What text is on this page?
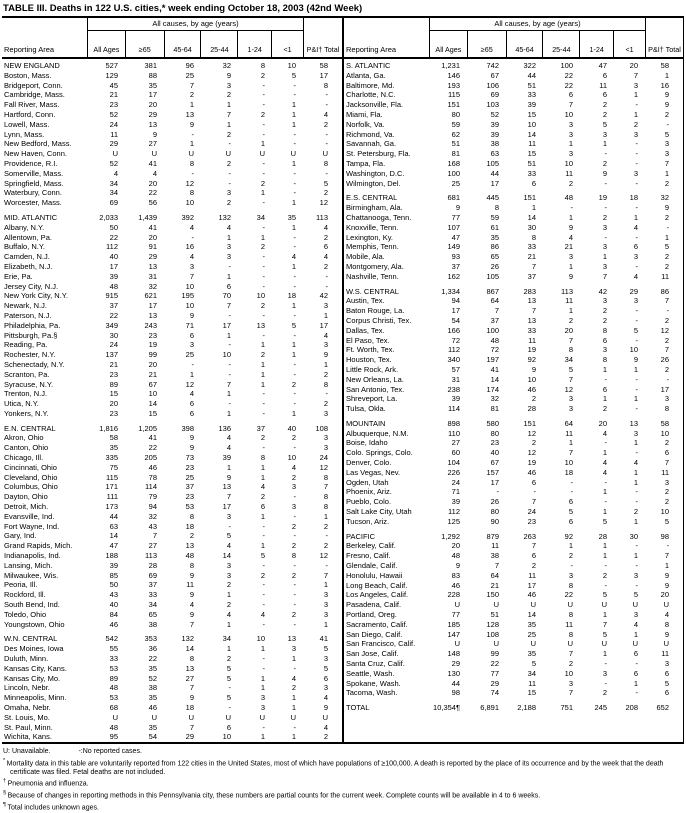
TABLE III. Deaths in 122 U.S. cities,* week ending October 18, 2003 (42nd Week)
Reporting Area
All causes, by age (years)
All Ages	≥65	45-64	25-44	1-24	<1	P&I† Total
NEW ENGLAND	527	381	96	32	8	10	58
Boston, Mass.	129	88	25	9	2	5	17
Bridgeport, Conn.	45	35	7	3	-	-	8
Cambridge, Mass.	21	17	2	2	-	-	-
Fall River, Mass.	23	20	1	1	-	1	-
Hartford, Conn.	52	29	13	7	2	1	4
Lowell, Mass.	24	13	9	1	-	1	2
Lynn, Mass.	11	9	-	2	-	-	-
New Bedford, Mass.	29	27	1	-	1	-	-
New Haven, Conn.	U	U	U	U	U	U	U
Providence, R.I.	52	41	8	2	-	1	8
Somerville, Mass.	4	4	-	-	-	-	-
Springfield, Mass.	34	20	12	-	2	-	5
Waterbury, Conn.	34	22	8	3	1	-	2
Worcester, Mass.	69	56	10	2	-	1	12
MID. ATLANTIC	2,033	1,439	392	132	34	35	113
Albany, N.Y.	50	41	4	4	-	1	4
Allentown, Pa.	22	20	-	1	1	-	2
Buffalo, N.Y.	112	91	16	3	2	-	6
Camden, N.J.	40	29	4	3	-	4	4
Elizabeth, N.J.	17	13	3	-	-	1	2
Erie, Pa.	39	31	7	1	-	-	-
Jersey City, N.J.	48	32	10	6	-	-	-
New York City, N.Y.	915	621	195	70	10	18	42
Newark, N.J.	37	17	10	7	2	1	3
Paterson, N.J.	22	13	9	-	-	-	1
Philadelphia, Pa.	349	243	71	17	13	5	17
Pittsburgh, Pa.§	30	23	6	1	-	-	4
Reading, Pa.	24	19	3	-	1	1	3
Rochester, N.Y.	137	99	25	10	2	1	9
Schenectady, N.Y.	21	20	-	-	1	-	1
Scranton, Pa.	23	21	1	-	1	-	2
Syracuse, N.Y.	89	67	12	7	1	2	8
Trenton, N.J.	15	10	4	1	-	-	-
Utica, N.Y.	20	14	6	-	-	-	2
Yonkers, N.Y.	23	15	6	1	-	1	3
E.N. CENTRAL	1,816	1,205	398	136	37	40	108
Akron, Ohio	58	41	9	4	2	2	3
Canton, Ohio	35	22	9	4	-	-	3
Chicago, Ill.	335	205	73	39	8	10	24
Cincinnati, Ohio	75	46	23	1	1	4	12
Cleveland, Ohio	115	78	25	9	1	2	8
Columbus, Ohio	171	114	37	13	4	3	7
Dayton, Ohio	111	79	23	7	2	-	8
Detroit, Mich.	173	94	53	17	6	3	8
Evansville, Ind.	44	32	8	3	1	-	1
Fort Wayne, Ind.	63	43	18	-	-	2	2
Gary, Ind.	14	7	2	5	-	-	-
Grand Rapids, Mich.	47	27	13	4	1	2	2
Indianapolis, Ind.	188	113	48	14	5	8	12
Lansing, Mich.	39	28	8	3	-	-	-
Milwaukee, Wis.	85	69	9	3	2	2	7
Peoria, Ill.	50	37	11	2	-	-	1
Rockford, Ill.	43	33	9	1	-	-	3
South Bend, Ind.	40	34	4	2	-	-	3
Toledo, Ohio	84	65	9	4	4	2	3
Youngstown, Ohio	46	38	7	1	-	-	1
W.N. CENTRAL	542	353	132	34	10	13	41
Des Moines, Iowa	55	36	14	1	1	3	5
Duluth, Minn.	33	22	8	2	-	1	3
Kansas City, Kans.	53	35	13	5	-	-	5
Kansas City, Mo.	89	52	27	5	1	4	6
Lincoln, Nebr.	48	38	7	-	1	2	3
Minneapolis, Minn.	53	35	9	5	3	1	4
Omaha, Nebr.	68	46	18	-	3	1	9
St. Louis, Mo.	U	U	U	U	U	U	U
St. Paul, Minn.	48	35	7	6	-	-	4
Wichita, Kans.	95	54	29	10	1	1	2
Reporting Area
All causes, by age (years)
All Ages	≥65	45-64	25-44	1-24	<1	P&I† Total
S. ATLANTIC	1,231	742	322	100	47	20	58
Atlanta, Ga.	146	67	44	22	6	7	1
Baltimore, Md.	193	106	51	22	11	3	16
Charlotte, N.C.	115	69	33	6	6	1	9
Jacksonville, Fla.	151	103	39	7	2	-	9
Miami, Fla.	80	52	15	10	2	1	2
Norfolk, Va.	59	39	10	3	5	2	-
Richmond, Va.	62	39	14	3	3	3	5
Savannah, Ga.	51	38	11	1	1	-	3
St. Petersburg, Fla.	81	63	15	3	-	-	3
Tampa, Fla.	168	105	51	10	2	-	7
Washington, D.C.	100	44	33	11	9	3	1
Wilmington, Del.	25	17	6	2	-	-	2
E.S. CENTRAL	681	445	151	48	19	18	32
Birmingham, Ala.	9	8	1	-	-	-	9
Chattanooga, Tenn.	77	59	14	1	2	1	2
Knoxville, Tenn.	107	61	30	9	3	4	-
Lexington, Ky.	47	35	8	4	-	-	1
Memphis, Tenn.	149	86	33	21	3	6	5
Mobile, Ala.	93	65	21	3	1	3	2
Montgomery, Ala.	37	26	7	1	3	-	2
Nashville, Tenn.	162	105	37	9	7	4	11
W.S. CENTRAL	1,334	867	283	113	42	29	86
Austin, Tex.	94	64	13	11	3	3	7
Baton Rouge, La.	17	7	7	1	2	-	-
Corpus Christi, Tex.	54	37	13	2	2	-	2
Dallas, Tex.	166	100	33	20	8	5	12
El Paso, Tex.	72	48	11	7	6	-	2
Ft. Worth, Tex.	112	72	19	8	3	10	7
Houston, Tex.	340	197	92	34	8	9	26
Little Rock, Ark.	57	41	9	5	1	1	2
New Orleans, La.	31	14	10	7	-	-	-
San Antonio, Tex.	238	174	46	12	6	-	17
Shreveport, La.	39	32	2	3	1	1	3
Tulsa, Okla.	114	81	28	3	2	-	8
MOUNTAIN	898	580	151	64	20	13	58
Albuquerque, N.M.	110	80	12	11	4	3	10
Boise, Idaho	27	23	2	1	-	1	2
Colo. Springs, Colo.	60	40	12	7	1	-	6
Denver, Colo.	104	67	19	10	4	4	7
Las Vegas, Nev.	226	157	46	18	4	1	11
Ogden, Utah	24	17	6	-	-	1	3
Phoenix, Ariz.	71	-	-	-	1	-	2
Pueblo, Colo.	39	26	7	6	-	-	2
Salt Lake City, Utah	112	80	24	5	1	2	10
Tucson, Ariz.	125	90	23	6	5	1	5
PACIFIC	1,292	879	263	92	28	30	98
Berkeley, Calif.	20	11	7	1	1	-	-
Fresno, Calif.	48	38	6	2	1	1	7
Glendale, Calif.	9	7	2	-	-	-	1
Honolulu, Hawaii	83	64	11	3	2	3	9
Long Beach, Calif.	46	21	17	8	-	-	9
Los Angeles, Calif.	228	150	46	22	5	5	20
Pasadena, Calif.	U	U	U	U	U	U	U
Portland, Oreg.	77	51	14	8	1	3	4
Sacramento, Calif.	185	128	35	11	7	4	8
San Diego, Calif.	147	108	25	8	5	1	9
San Francisco, Calif.	U	U	U	U	U	U	U
San Jose, Calif.	148	99	35	7	1	6	11
Santa Cruz, Calif.	29	22	5	2	-	-	3
Seattle, Wash.	130	77	34	10	3	6	6
Spokane, Wash.	44	29	11	3	-	1	5
Tacoma, Wash.	98	74	15	7	2	-	6
TOTAL	10,354¶	6,891	2,188	751	245	208	652
U: Unavailable.	-:No reported cases.
* Mortality data in this table are voluntarily reported from 122 cities in the United States, most of which have populations of ≥100,000. A death is reported by the place of its occurrence and by the week that the death certificate was filed. Fetal deaths are not included.
† Pneumonia and influenza.
§ Because of changes in reporting methods in this Pennsylvania city, these numbers are partial counts for the current week. Complete counts will be available in 4 to 6 weeks.
¶ Total includes unknown ages.
